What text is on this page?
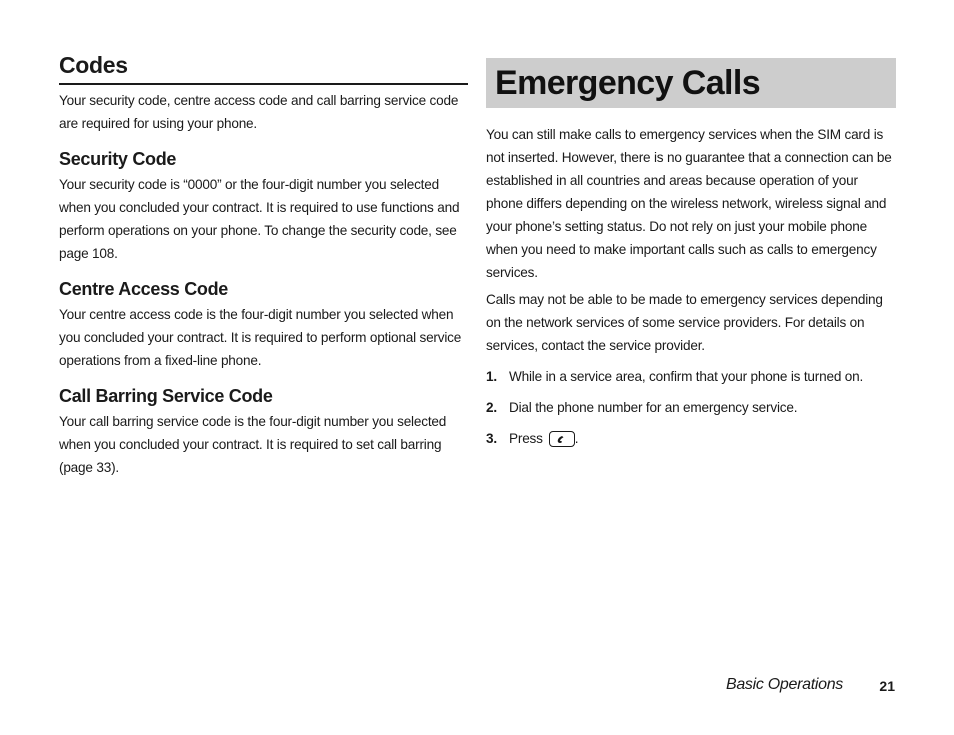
Codes

Your security code, centre access code and call barring service code are required for using your phone.

Security Code

Your security code is “0000” or the four-digit number you selected when you concluded your contract. It is required to use functions and perform operations on your phone. To change the security code, see page 108.

Centre Access Code

Your centre access code is the four-digit number you selected when you concluded your contract. It is required to perform optional service operations from a fixed-line phone.

Call Barring Service Code

Your call barring service code is the four-digit number you selected when you concluded your contract. It is required to set call barring (page 33).

Emergency Calls

You can still make calls to emergency services when the SIM card is not inserted. However, there is no guarantee that a connection can be established in all countries and areas because operation of your phone differs depending on the wireless network, wireless signal and your phone’s setting status. Do not rely on just your mobile phone when you need to make important calls such as calls to emergency services.

Calls may not be able to be made to emergency services depending on the network services of some service providers. For details on services, contact the service provider.

1. While in a service area, confirm that your phone is turned on.
2. Dial the phone number for an emergency service.
3. Press .
Basic Operations	21
